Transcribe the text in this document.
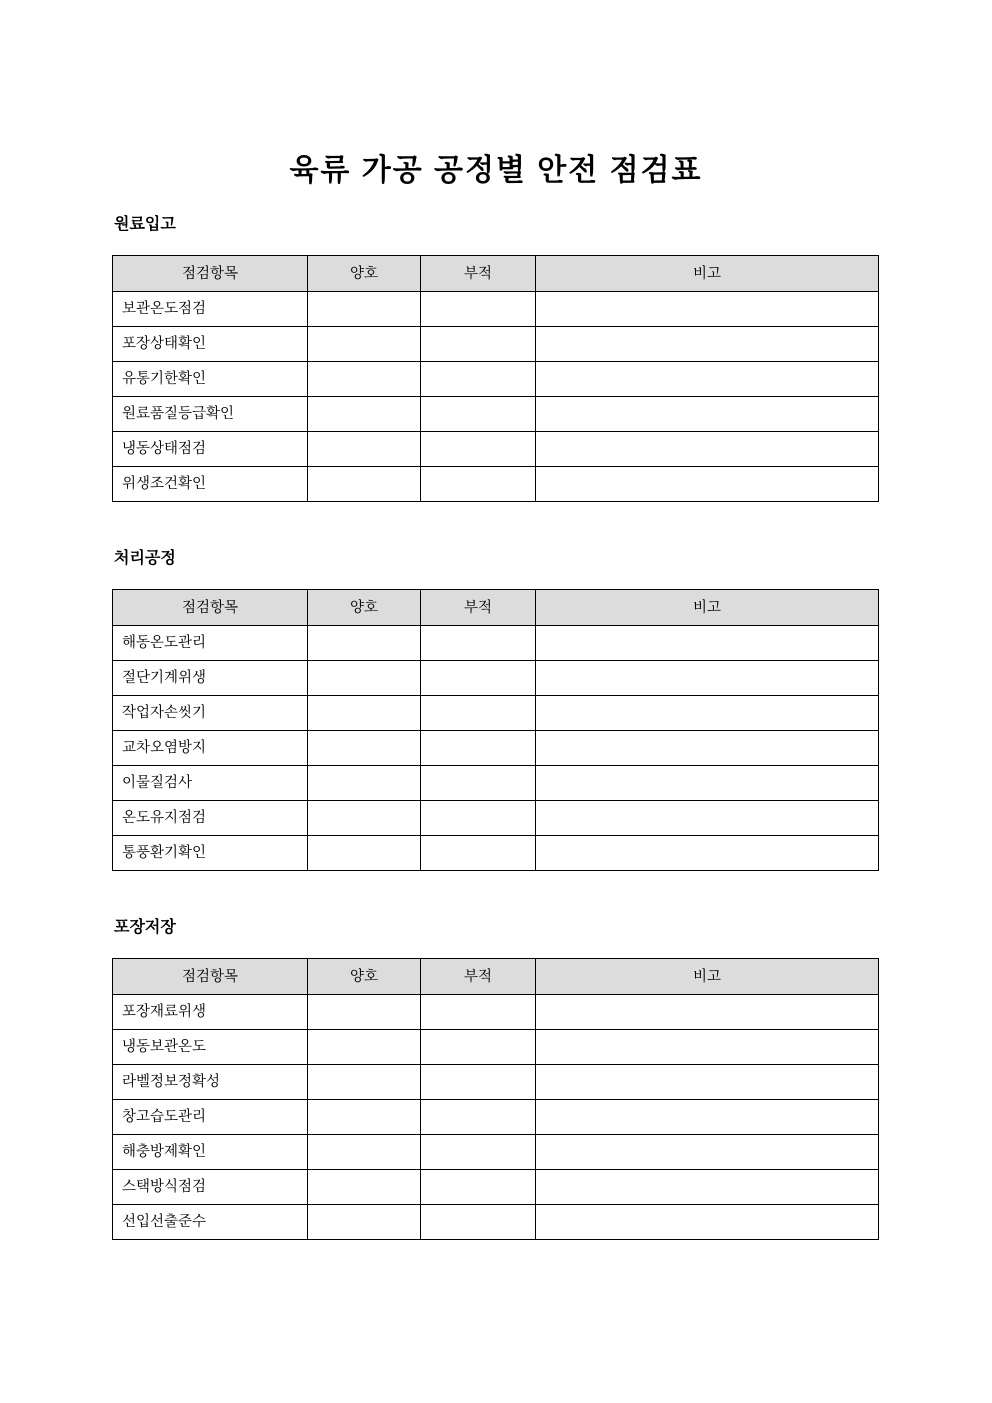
육류 가공 공정별 안전 점검표
원료입고
점검항목	양호	부적	비고
보관온도점검			
포장상태확인			
유통기한확인			
원료품질등급확인			
냉동상태점검			
위생조건확인			
처리공정
점검항목	양호	부적	비고
해동온도관리			
절단기계위생			
작업자손씻기			
교차오염방지			
이물질검사			
온도유지점검			
통풍환기확인			
포장저장
점검항목	양호	부적	비고
포장재료위생			
냉동보관온도			
라벨정보정확성			
창고습도관리			
해충방제확인			
스택방식점검			
선입선출준수			
